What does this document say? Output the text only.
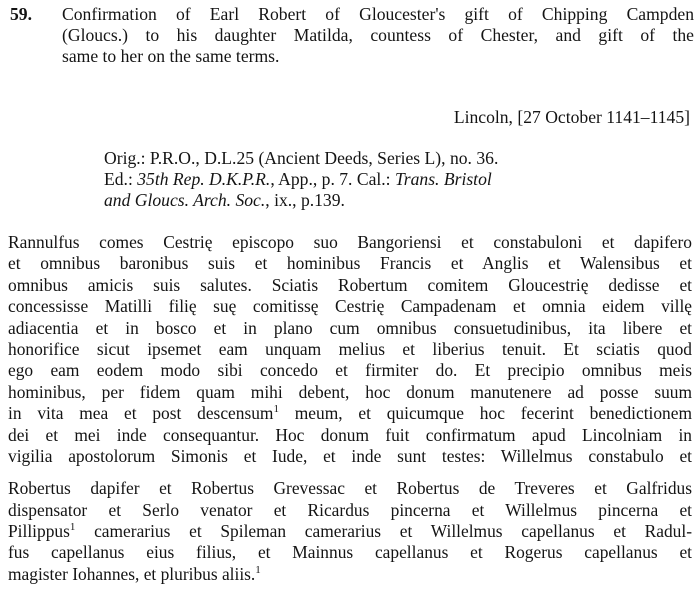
59.	Confirmation of Earl Robert of Gloucester's gift of Chipping Campden
(Gloucs.) to his daughter Matilda, countess of Chester, and gift of the
same to her on the same terms.
Lincoln, [27 October 1141–1145]
Orig.: P.R.O., D.L.25 (Ancient Deeds, Series L), no. 36.
Ed.: 35th Rep. D.K.P.R., App., p. 7. Cal.: Trans. Bristol
and Gloucs. Arch. Soc., ix., p.139.
Rannulfus comes Cestrię episcopo suo Bangoriensi et constabuloni et dapifero
et omnibus baronibus suis et hominibus Francis et Anglis et Walensibus et
omnibus amicis suis salutes. Sciatis Robertum comitem Gloucestrię dedisse et
concessisse Matilli filię suę comitissę Cestrię Campadenam et omnia eidem villę
adiacentia et in bosco et in plano cum omnibus consuetudinibus, ita libere et
honorifice sicut ipsemet eam unquam melius et liberius tenuit. Et sciatis quod
ego eam eodem modo sibi concedo et firmiter do. Et precipio omnibus meis
hominibus, per fidem quam mihi debent, hoc donum manutenere ad posse suum
in vita mea et post descensum$^1$ meum, et quicumque hoc fecerint benedictionem
dei et mei inde consequantur. Hoc donum fuit confirmatum apud Lincolniam in
vigilia apostolorum Simonis et Iude, et inde sunt testes: Willelmus constabulo et
Robertus dapifer et Robertus Grevessac et Robertus de Treveres et Galfridus
dispensator et Serlo venator et Ricardus pincerna et Willelmus pincerna et
Pillippus$^1$ camerarius et Spileman camerarius et Willelmus capellanus et Radul-
fus capellanus eius filius, et Mainnus capellanus et Rogerus capellanus et
magister Iohannes, et pluribus aliis.$^1$
